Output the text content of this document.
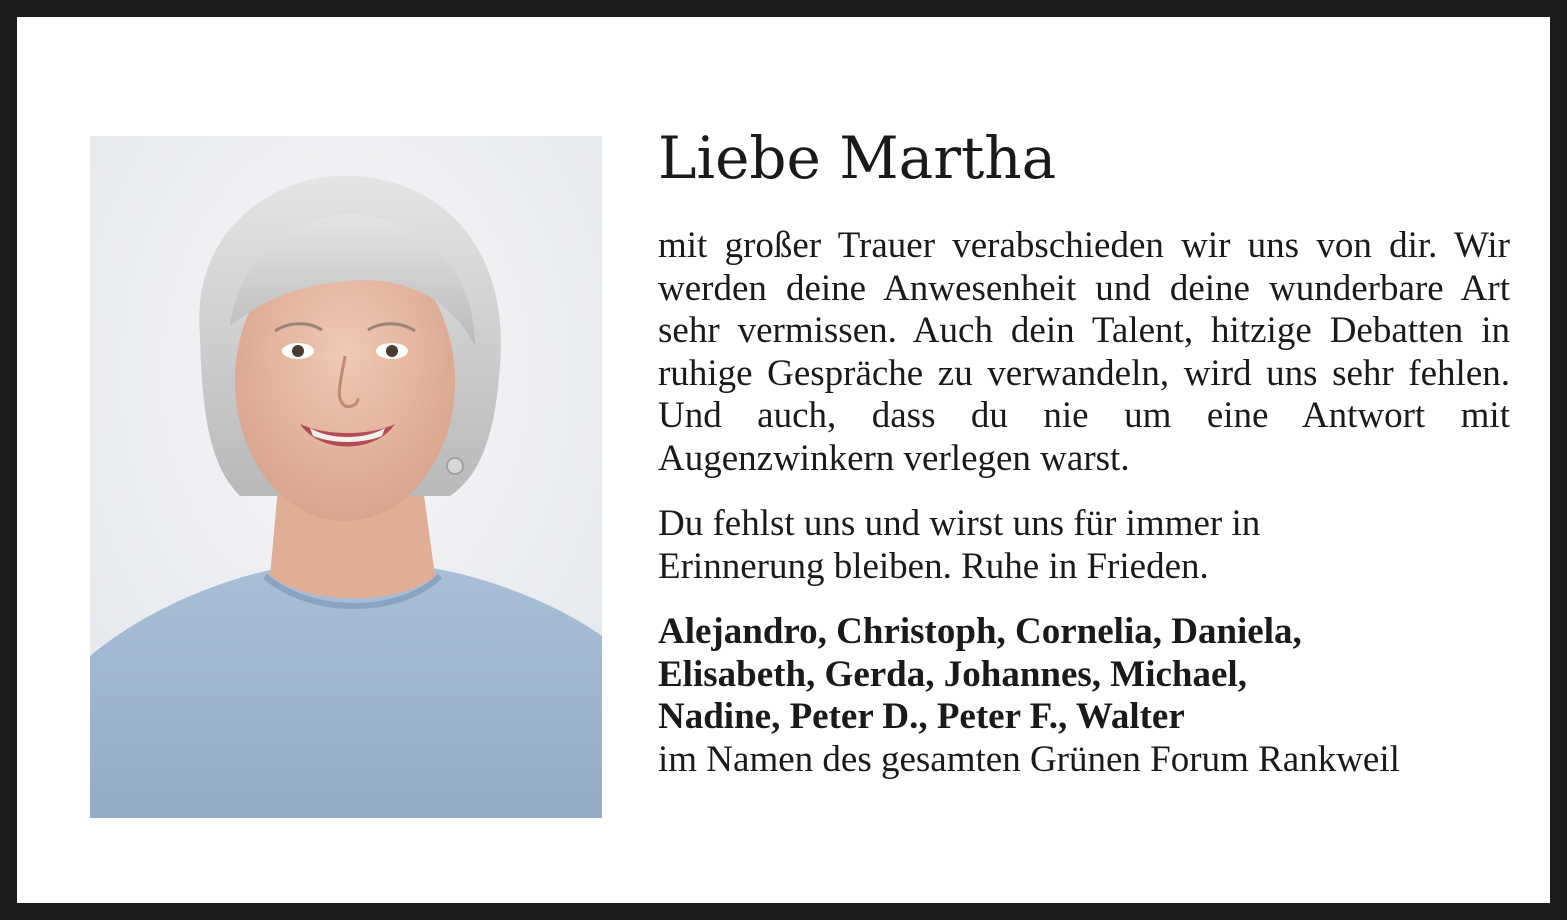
Liebe Martha

mit großer Trauer verabschieden wir uns von dir. Wir werden deine Anwesenheit und deine wunderbare Art sehr vermissen. Auch dein Talent, hitzige Debatten in ruhige Gespräche zu verwandeln, wird uns sehr fehlen. Und auch, dass du nie um eine Antwort mit Augenzwinkern verlegen warst.

Du fehlst uns und wirst uns für immer in
Erinnerung bleiben. Ruhe in Frieden.

Alejandro, Christoph, Cornelia, Daniela,
Elisabeth, Gerda, Johannes, Michael,
Nadine, Peter D., Peter F., Walter

im Namen des gesamten Grünen Forum Rankweil
